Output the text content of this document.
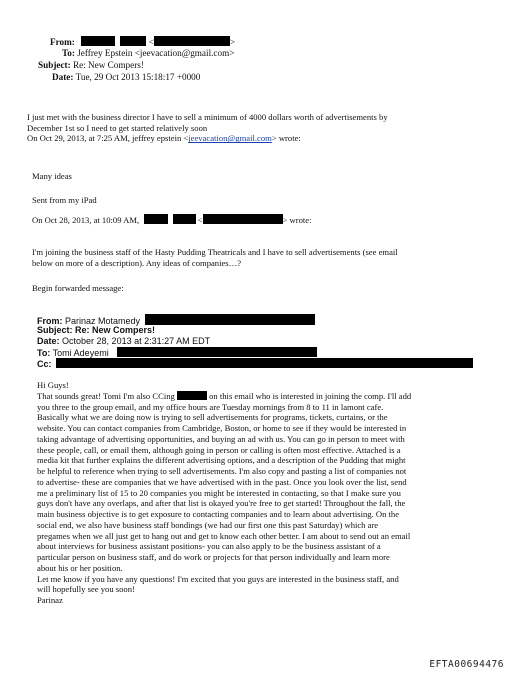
From:	<	>
To: Jeffrey Epstein <jeevacation@gmail.com>
Subject: Re: New Compers!
Date: Tue, 29 Oct 2013 15:18:17 +0000
I just met with the business director I have to sell a minimum of 4000 dollars worth of advertisements by
December 1st so I need to get started relatively soon
On Oct 29, 2013, at 7:25 AM, jeffrey epstein <jeevacation@gmail.com> wrote:
Many ideas
Sent from my iPad
On Oct 28, 2013, at 10:09 AM,	<	> wrote:
I'm joining the business staff of the Hasty Pudding Theatricals and I have to sell advertisements (see email
below on more of a description). Any ideas of companies…?
Begin forwarded message:
From: Parinaz Motamedy
Subject: Re: New Compers!
Date: October 28, 2013 at 2:31:27 AM EDT
To: Tomi Adeyemi
Cc:
Hi Guys!
That sounds great! Tomi I'm also CCing	on this email who is interested in joining the comp. I'll add
you three to the group email, and my office hours are Tuesday mornings from 8 to 11 in lamont cafe.
Basically what we are doing now is trying to sell advertisements for programs, tickets, curtains, or the
website. You can contact companies from Cambridge, Boston, or home to see if they would be interested in
taking advantage of advertising opportunities, and buying an ad with us. You can go in person to meet with
these people, call, or email them, although going in person or calling is often most effective. Attached is a
media kit that further explains the different advertising options, and a description of the Pudding that might
be helpful to reference when trying to sell advertisements. I'm also copy and pasting a list of companies not
to advertise- these are companies that we have advertised with in the past. Once you look over the list, send
me a preliminary list of 15 to 20 companies you might be interested in contacting, so that I make sure you
guys don't have any overlaps, and after that list is okayed you're free to get started! Throughout the fall, the
main business objective is to get exposure to contacting companies and to learn about advertising. On the
social end, we also have business staff bondings (we had our first one this past Saturday) which are
pregames when we all just get to hang out and get to know each other better. I am about to send out an email
about interviews for business assistant positions- you can also apply to be the business assistant of a
particular person on business staff, and do work or projects for that person individually and learn more
about his or her position.
Let me know if you have any questions! I'm excited that you guys are interested in the business staff, and
will hopefully see you soon!
Parinaz
EFTA00694476
